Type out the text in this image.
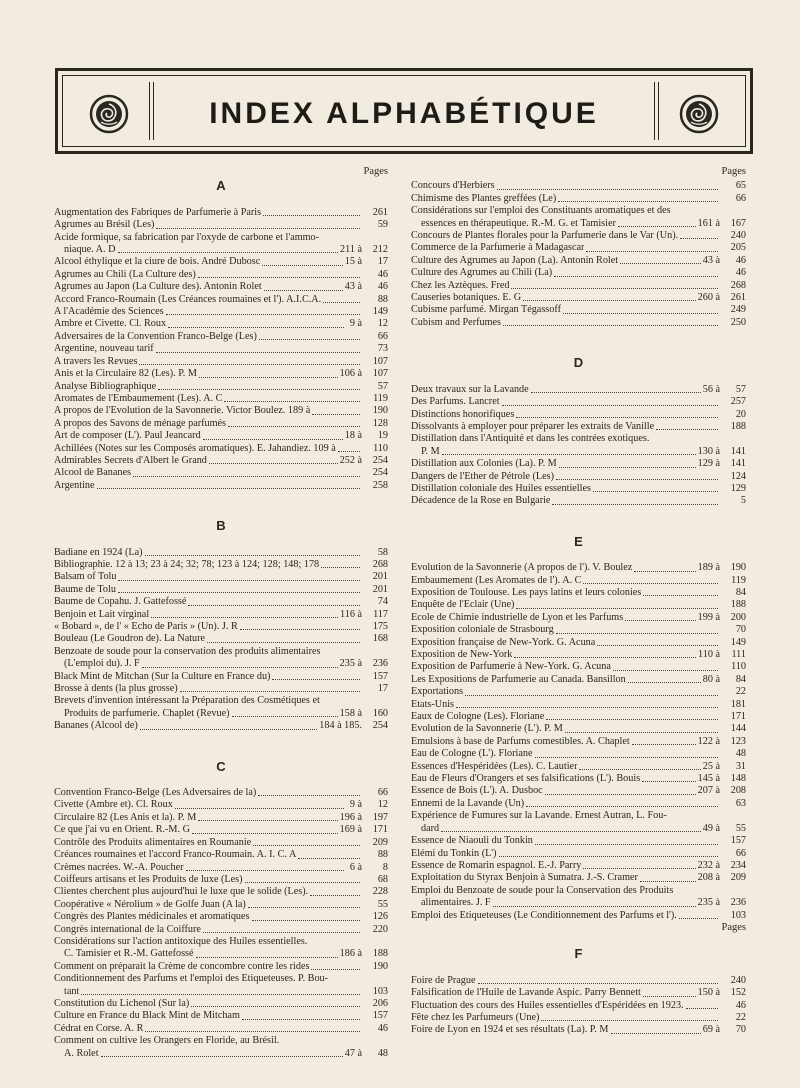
INDEX ALPHABÉTIQUE
Pages
A
Augmentation des Fabriques de Parfumerie à Paris	261
Agrumes au Brésil (Les)	59
Acide formique, sa fabrication par l'oxyde de carbone et l'ammo-
niaque. A. D	211 à	212
Alcool éthylique et la ciure de bois. André Dubosc	15 à	17
Agrumes au Chili (La Culture des)	46
Agrumes au Japon (La Culture des). Antonin Rolet	43 à	46
Accord Franco-Roumain (Les Créances roumaines et l'). A.I.C.A.	88
A l'Académie des Sciences	149
Ambre et Civette. Cl. Roux	9 à	12
Adversaires de la Convention Franco-Belge (Les)	66
Argentine, nouveau tarif	73
A travers les Revues	107
Anis et la Circulaire 82 (Les). P. M	106 à	107
Analyse Bibliographique	57
Aromates de l'Embaumement (Les). A. C	119
A propos de l'Evolution de la Savonnerie. Victor Boulez. 189 à	190
A propos des Savons de ménage parfumés	128
Art de composer (L'). Paul Jeancard	18 à	19
Achillées (Notes sur les Composés aromatiques). E. Jahandiez. 109 à	110
Admirables Secrets d'Albert le Grand	252 à	254
Alcool de Bananes	254
Argentine	258
B
Badiane en 1924 (La)	58
Bibliographie. 12 à 13; 23 à 24; 32; 78; 123 à 124; 128; 148; 178	268
Balsam of Tolu	201
Baume de Tolu	201
Baume de Copahu. J. Gattefossé	74
Benjoin et Lait virginal	116 à	117
« Bobard », de l' « Echo de Paris » (Un). J. R	175
Bouleau (Le Goudron de). La Nature	168
Benzoate de soude pour la conservation des produits alimentaires
(L'emploi du). J. F	235 à	236
Black Mint de Mitchan (Sur la Culture en France du)	157
Brosse à dents (la plus grosse)	17
Brevets d'invention intéressant la Préparation des Cosmétiques et
Produits de parfumerie. Chaplet (Revue)	158 à	160
Bananes (Alcool de)	184 à 185.	254
C
Convention Franco-Belge (Les Adversaires de la)	66
Civette (Ambre et). Cl. Roux	9 à	12
Circulaire 82 (Les Anis et la). P. M	196 à	197
Ce que j'ai vu en Orient. R.-M. G	169 à	171
Contrôle des Produits alimentaires en Roumanie	209
Créances roumaines et l'accord Franco-Roumain. A. I. C. A	88
Crèmes nacrées. W.-A. Poucher	6 à	8
Coiffeurs artisans et les Produits de luxe (Les)	68
Clientes cherchent plus aujourd'hui le luxe que le solide (Les).	228
Coopérative « Nérolium » de Golfe Juan (A la)	55
Congrès des Plantes médicinales et aromatiques	126
Congrès international de la Coiffure	220
Considérations sur l'action antitoxique des Huiles essentielles.
C. Tamisier et R.-M. Gattefossé	186 à	188
Comment on préparait la Crème de concombre contre les rides	190
Conditionnement des Parfums et l'emploi des Etiqueteuses. P. Bou-
tant	103
Constitution du Lichenol (Sur la)	206
Culture en France du Black Mint de Mitcham	157
Cédrat en Corse. A. R	46
Comment on cultive les Orangers en Floride, au Brésil.
A. Rolet	47 à	48
Pages
Concours d'Herbiers	65
Chimisme des Plantes greffées (Le)	66
Considérations sur l'emploi des Constituants aromatiques et des
essences en thérapeutique. R.-M. G. et Tamisier	161 à	167
Concours de Plantes florales pour la Parfumerie dans le Var (Un).	240
Commerce de la Parfumerie à Madagascar	205
Culture des Agrumes au Japon (La). Antonin Rolet	43 à	46
Culture des Agrumes au Chili (La)	46
Chez les Aztèques. Fred	268
Causeries botaniques. E. G	260 à	261
Cubisme parfumé. Mirgan Tégassoff	249
Cubism and Perfumes	250
D
Deux travaux sur la Lavande	56 à	57
Des Parfums. Lancret	257
Distinctions honorifiques	20
Dissolvants à employer pour préparer les extraits de Vanille	188
Distillation dans l'Antiquité et dans les contrées exotiques.
P. M	130 à	141
Distillation aux Colonies (La). P. M	129 à	141
Dangers de l'Ether de Pétrole (Les)	124
Distillation coloniale des Huiles essentielles	129
Décadence de la Rose en Bulgarie	5
E
Evolution de la Savonnerie (A propos de l'). V. Boulez	189 à	190
Embaumement (Les Aromates de l'). A. C	119
Exposition de Toulouse. Les pays latins et leurs colonies	84
Enquête de l'Eclair (Une)	188
Ecole de Chimie industrielle de Lyon et les Parfums	199 à	200
Exposition coloniale de Strasbourg	70
Exposition française de New-York. G. Acuna	149
Exposition de New-York	110 à	111
Exposition de Parfumerie à New-York. G. Acuna	110
Les Expositions de Parfumerie au Canada. Bansillon	80 à	84
Exportations	22
Etats-Unis	181
Eaux de Cologne (Les). Floriane	171
Evolution de la Savonnerie (L'). P. M	144
Emulsions à base de Parfums comestibles. A. Chaplet	122 à	123
Eau de Cologne (L'). Floriane	48
Essences d'Hespéridées (Les). C. Lautier	25 à	31
Eau de Fleurs d'Orangers et ses falsifications (L'). Bouis	145 à	148
Essence de Bois (L'). A. Dusboc	207 à	208
Ennemi de la Lavande (Un)	63
Expérience de Fumures sur la Lavande. Ernest Autran, L. Fou-
dard	49 à	55
Essence de Niaouli du Tonkin	157
Elémi du Tonkin (L')	66
Essence de Romarin espagnol. E.-J. Parry	232 à	234
Exploitation du Styrax Benjoin à Sumatra. J.-S. Cramer	208 à	209
Emploi du Benzoate de soude pour la Conservation des Produits
alimentaires. J. F	235 à	236
Emploi des Etiqueteuses (Le Conditionnement des Parfums et l').	103
Pages
F
Foire de Prague	240
Falsification de l'Huile de Lavande Aspic. Parry Bennett	150 à	152
Fluctuation des cours des Huiles essentielles d'Espéridées en 1923.	46
Fête chez les Parfumeurs (Une)	22
Foire de Lyon en 1924 et ses résultats (La). P. M	69 à	70
